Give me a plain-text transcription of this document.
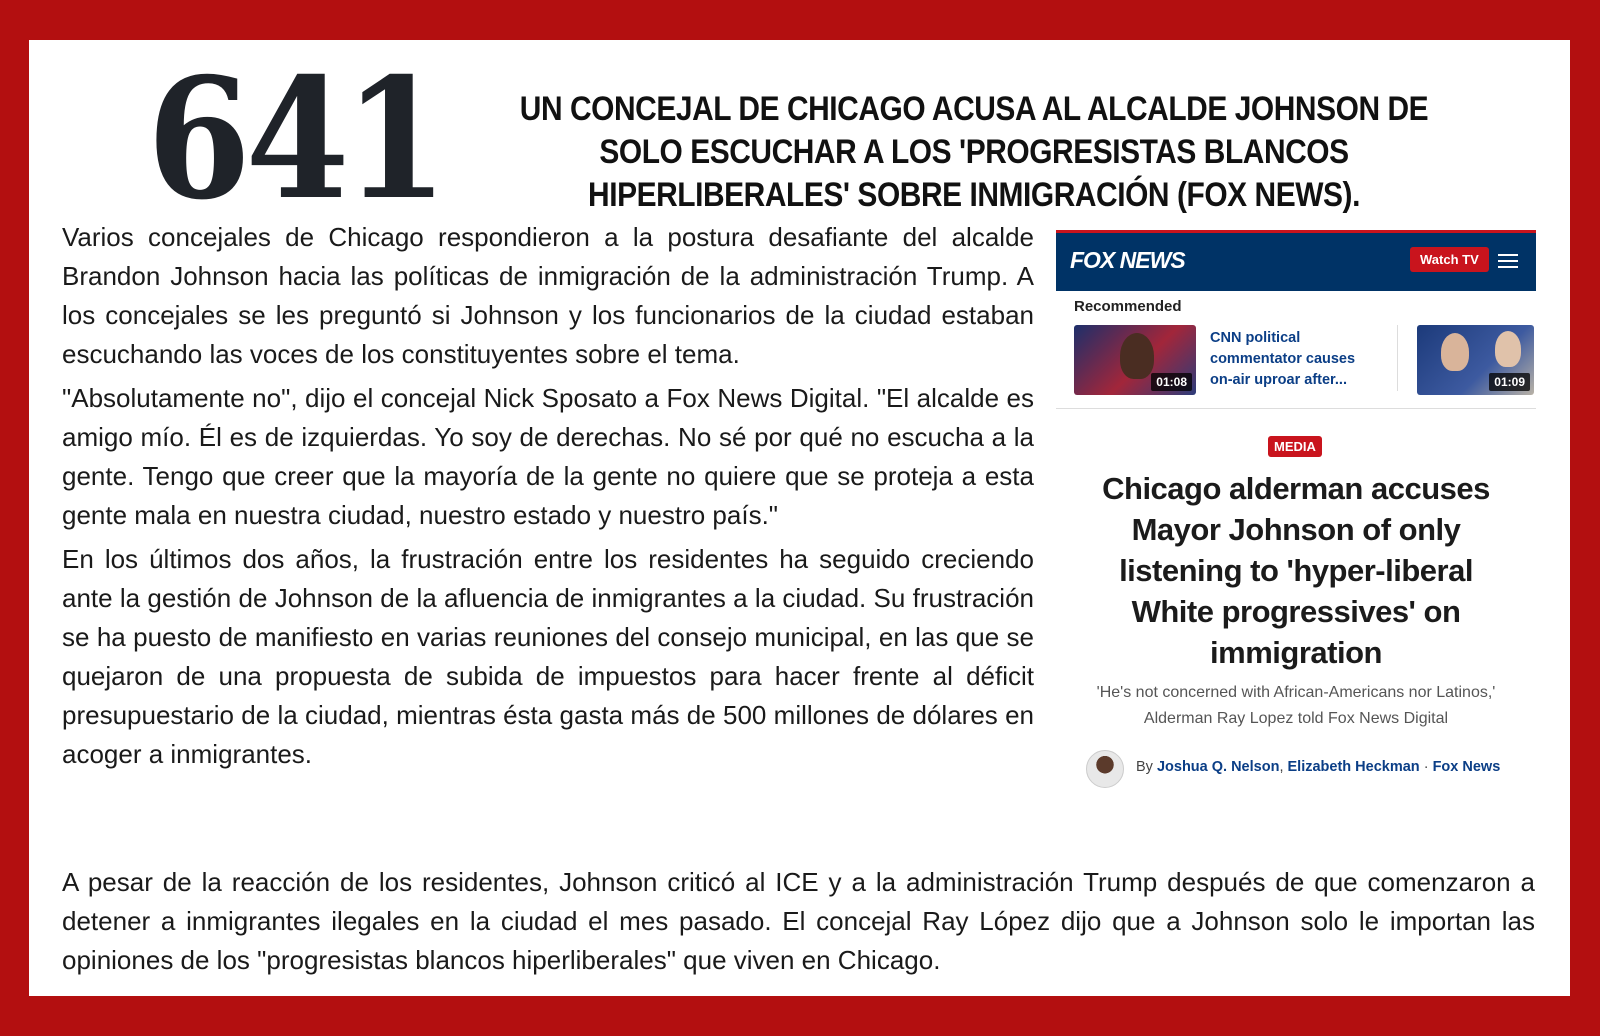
641	UN CONCEJAL DE CHICAGO ACUSA AL ALCALDE JOHNSON DE SOLO ESCUCHAR A LOS 'PROGRESISTAS BLANCOS HIPERLIBERALES' SOBRE INMIGRACIÓN (FOX NEWS).

Varios concejales de Chicago respondieron a la postura desafiante del alcalde Brandon Johnson hacia las políticas de inmigración de la administración Trump. A los concejales se les preguntó si Johnson y los funcionarios de la ciudad estaban escuchando las voces de los constituyentes sobre el tema.

"Absolutamente no", dijo el concejal Nick Sposato a Fox News Digital. "El alcalde es amigo mío. Él es de izquierdas. Yo soy de derechas. No sé por qué no escucha a la gente. Tengo que creer que la mayoría de la gente no quiere que se proteja a esta gente mala en nuestra ciudad, nuestro estado y nuestro país."

En los últimos dos años, la frustración entre los residentes ha seguido creciendo ante la gestión de Johnson de la afluencia de inmigrantes a la ciudad. Su frustración se ha puesto de manifiesto en varias reuniones del consejo municipal, en las que se quejaron de una propuesta de subida de impuestos para hacer frente al déficit presupuestario de la ciudad, mientras ésta gasta más de 500 millones de dólares en acoger a inmigrantes.

A pesar de la reacción de los residentes, Johnson criticó al ICE y a la administración Trump después de que comenzaron a detener a inmigrantes ilegales en la ciudad el mes pasado. El concejal Ray López dijo que a Johnson solo le importan las opiniones de los "progresistas blancos hiperliberales" que viven en Chicago.

FOX NEWS	Watch TV
Recommended
01:08
CNN political commentator causes on-air uproar after...	01:09
MEDIA
Chicago alderman accuses Mayor Johnson of only listening to 'hyper-liberal White progressives' on immigration
'He's not concerned with African-Americans nor Latinos,' Alderman Ray Lopez told Fox News Digital
By Joshua Q. Nelson, Elizabeth Heckman · Fox News
